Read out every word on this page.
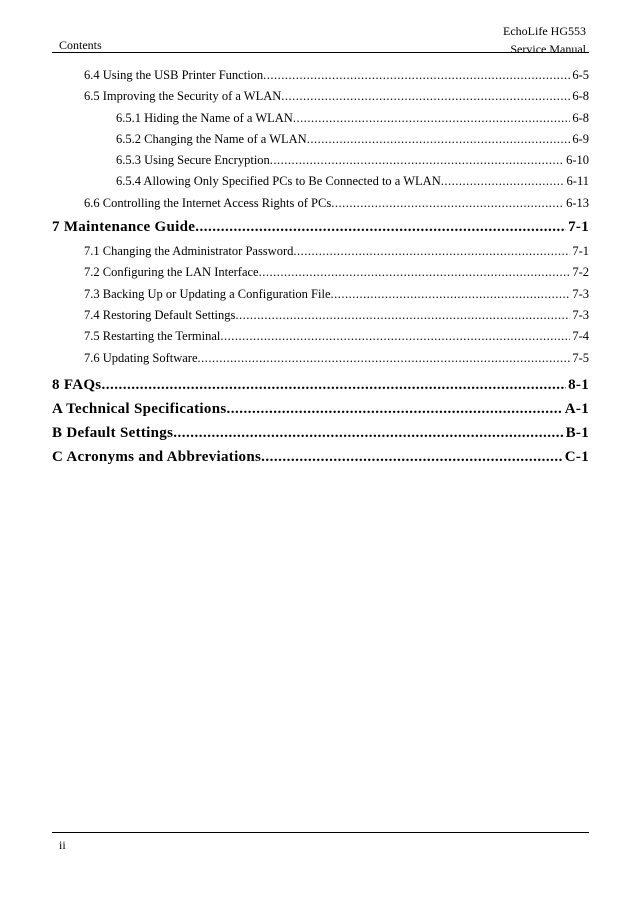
Contents
EchoLife HG553
Service Manual
6.4 Using the USB Printer Function .....	6-5
6.5 Improving the Security of a WLAN .....	6-8
6.5.1 Hiding the Name of a WLAN .....	6-8
6.5.2 Changing the Name of a WLAN .....	6-9
6.5.3 Using Secure Encryption .....	6-10
6.5.4 Allowing Only Specified PCs to Be Connected to a WLAN .....	6-11
6.6 Controlling the Internet Access Rights of PCs .....	6-13
7 Maintenance Guide .....	7-1
7.1 Changing the Administrator Password .....	7-1
7.2 Configuring the LAN Interface .....	7-2
7.3 Backing Up or Updating a Configuration File .....	7-3
7.4 Restoring Default Settings .....	7-3
7.5 Restarting the Terminal .....	7-4
7.6 Updating Software .....	7-5
8 FAQs .....	8-1
A Technical Specifications .....	A-1
B Default Settings .....	B-1
C Acronyms and Abbreviations .....	C-1
ii
